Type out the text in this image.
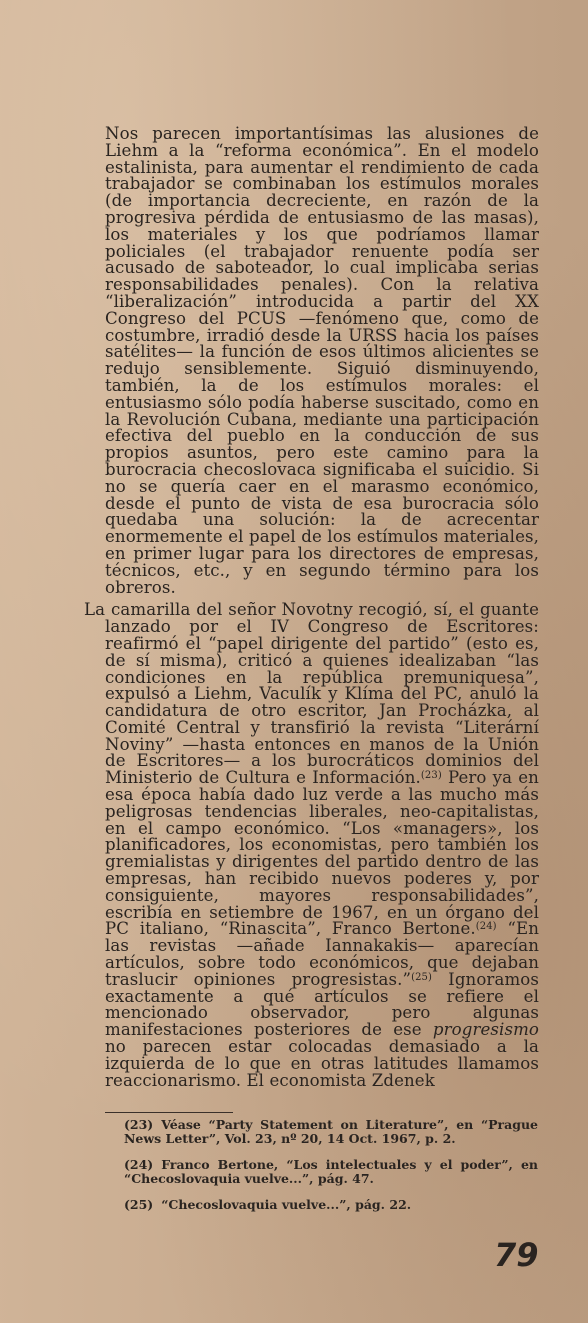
Nos parecen importantísimas las alusiones de Liehm a la “reforma económica”. En el modelo estalinista, para aumentar el rendimiento de cada trabajador se combinaban los estímulos morales (de importancia decreciente, en razón de la progresiva pérdida de entusiasmo de las masas), los materiales y los que podríamos llamar policiales (el trabajador renuente podía ser acusado de saboteador, lo cual implicaba serias responsabilidades penales). Con la relativa “liberalización” introducida a partir del XX Congreso del PCUS —fenómeno que, como de costumbre, irradió desde la URSS hacia los países satélites— la función de esos últimos alicientes se redujo sensiblemente. Siguió disminuyendo, también, la de los estímulos morales: el entusiasmo sólo podía haberse suscitado, como en la Revolución Cubana, mediante una participación efectiva del pueblo en la conducción de sus propios asuntos, pero este camino para la burocracia checoslovaca significaba el suicidio. Si no se quería caer en el marasmo económico, desde el punto de vista de esa burocracia sólo quedaba una solución: la de acrecentar enormemente el papel de los estímulos materiales, en primer lugar para los directores de empresas, técnicos, etc., y en segundo término para los obreros.

La camarilla del señor Novotny recogió, sí, el guante lanzado por el IV Congreso de Escritores: reafirmó el “papel dirigente del partido” (esto es, de sí misma), criticó a quienes idealizaban “las condiciones en la república premuniquesa”, expulsó a Liehm, Vaculík y Klíma del PC, anuló la candidatura de otro escritor, Jan Procházka, al Comité Central y transfirió la revista “Literární Noviny” —hasta entonces en manos de la Unión de Escritores— a los burocráticos dominios del Ministerio de Cultura e Información.$^{(23)}$ Pero ya en esa época había dado luz verde a las mucho más peligrosas tendencias liberales, neo-capitalistas, en el campo económico. “Los «managers», los planificadores, los economistas, pero también los gremialistas y dirigentes del partido dentro de las empresas, han recibido nuevos poderes y, por consiguiente, mayores responsabilidades”, escribía en setiembre de 1967, en un órgano del PC italiano, “Rinascita”, Franco Bertone.$^{(24)}$ “En las revistas —añade Iannakakis— aparecían artículos, sobre todo económicos, que dejaban traslucir opiniones progresistas.”$^{(25)}$ Ignoramos exactamente a qué artículos se refiere el mencionado observador, pero algunas manifestaciones posteriores de ese progresismo no parecen estar colocadas demasiado a la izquierda de lo que en otras latitudes llamamos reaccionarismo. El economista Zdenek

(23) Véase “Party Statement on Literature”, en “Prague News Letter”, Vol. 23, nº 20, 14 Oct. 1967, p. 2.

(24) Franco Bertone, “Los intelectuales y el poder”, en “Checoslovaquia vuelve...”, pág. 47.

(25) “Checoslovaquia vuelve...”, pág. 22.

79
